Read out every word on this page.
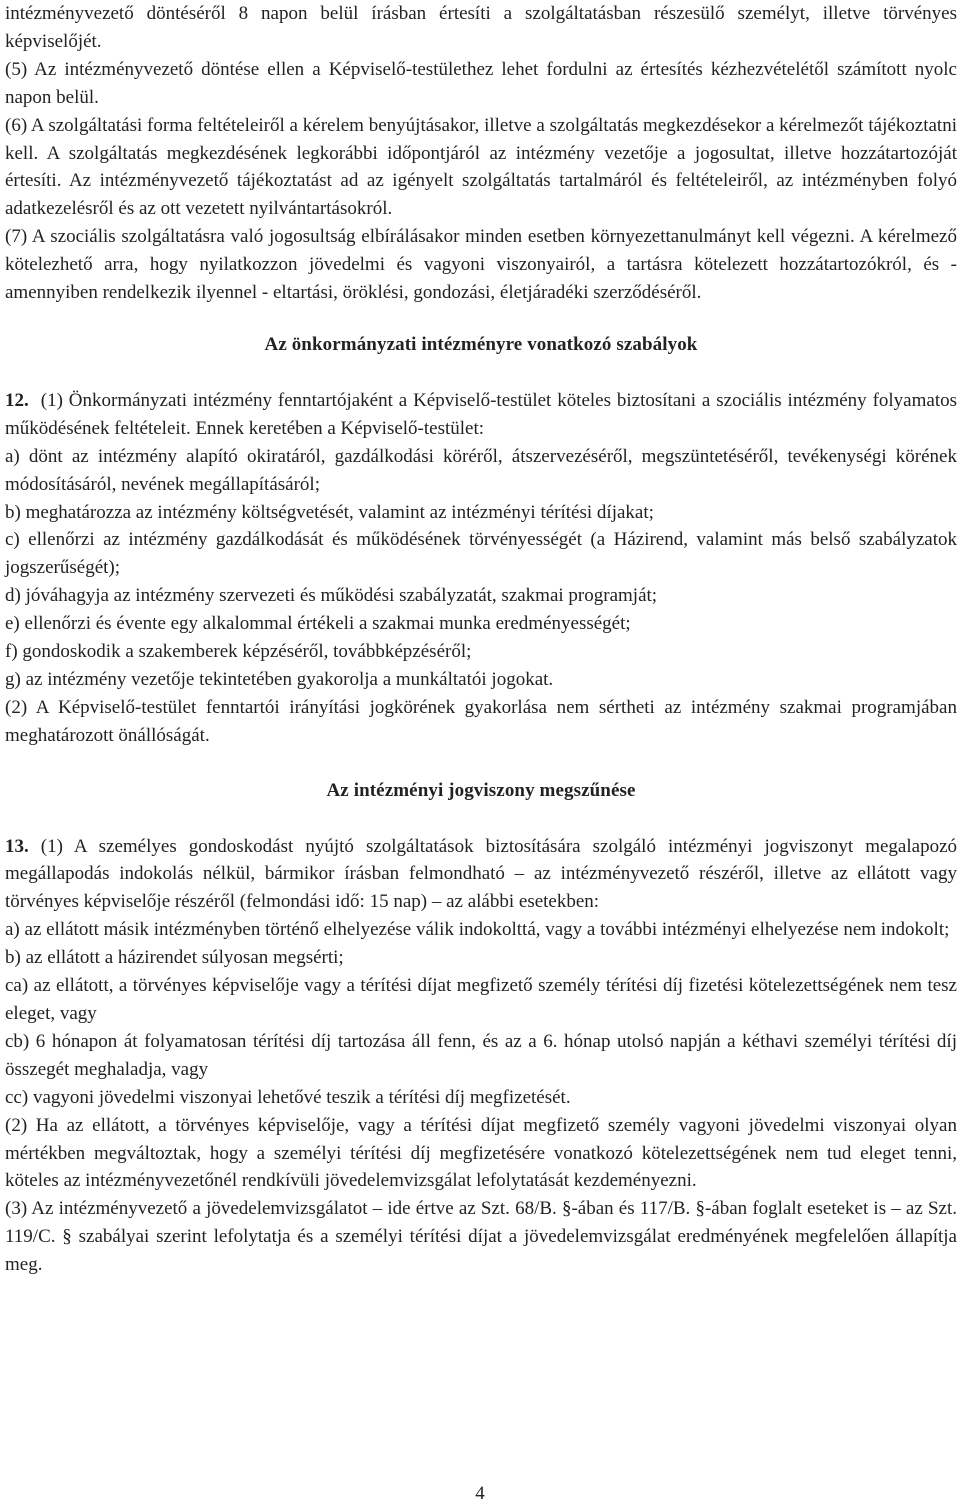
intézményvezető döntéséről 8 napon belül írásban értesíti a szolgáltatásban részesülő személyt, illetve törvényes képviselőjét.

(5) Az intézményvezető döntése ellen a Képviselő-testülethez lehet fordulni az értesítés kézhezvételétől számított nyolc napon belül.

(6) A szolgáltatási forma feltételeiről a kérelem benyújtásakor, illetve a szolgáltatás megkezdésekor a kérelmezőt tájékoztatni kell. A szolgáltatás megkezdésének legkorábbi időpontjáról az intézmény vezetője a jogosultat, illetve hozzátartozóját értesíti. Az intézményvezető tájékoztatást ad az igényelt szolgáltatás tartalmáról és feltételeiről, az intézményben folyó adatkezelésről és az ott vezetett nyilvántartásokról.

(7) A szociális szolgáltatásra való jogosultság elbírálásakor minden esetben környezettanulmányt kell végezni. A kérelmező kötelezhető arra, hogy nyilatkozzon jövedelmi és vagyoni viszonyairól, a tartásra kötelezett hozzátartozókról, és - amennyiben rendelkezik ilyennel - eltartási, öröklési, gondozási, életjáradéki szerződéséről.

Az önkormányzati intézményre vonatkozó szabályok

12. (1) Önkormányzati intézmény fenntartójaként a Képviselő-testület köteles biztosítani a szociális intézmény folyamatos működésének feltételeit. Ennek keretében a Képviselő-testület:

a) dönt az intézmény alapító okiratáról, gazdálkodási köréről, átszervezéséről, megszüntetéséről, tevékenységi körének módosításáról, nevének megállapításáról;

b) meghatározza az intézmény költségvetését, valamint az intézményi térítési díjakat;

c) ellenőrzi az intézmény gazdálkodását és működésének törvényességét (a Házirend, valamint más belső szabályzatok jogszerűségét);

d) jóváhagyja az intézmény szervezeti és működési szabályzatát, szakmai programját;

e) ellenőrzi és évente egy alkalommal értékeli a szakmai munka eredményességét;

f) gondoskodik a szakemberek képzéséről, továbbképzéséről;

g) az intézmény vezetője tekintetében gyakorolja a munkáltatói jogokat.

(2) A Képviselő-testület fenntartói irányítási jogkörének gyakorlása nem sértheti az intézmény szakmai programjában meghatározott önállóságát.

Az intézményi jogviszony megszűnése

13. (1) A személyes gondoskodást nyújtó szolgáltatások biztosítására szolgáló intézményi jogviszonyt megalapozó megállapodás indokolás nélkül, bármikor írásban felmondható – az intézményvezető részéről, illetve az ellátott vagy törvényes képviselője részéről (felmondási idő: 15 nap) – az alábbi esetekben:

a) az ellátott másik intézményben történő elhelyezése válik indokolttá, vagy a további intézményi elhelyezése nem indokolt;

b) az ellátott a házirendet súlyosan megsérti;

ca) az ellátott, a törvényes képviselője vagy a térítési díjat megfizető személy térítési díj fizetési kötelezettségének nem tesz eleget, vagy

cb) 6 hónapon át folyamatosan térítési díj tartozása áll fenn, és az a 6. hónap utolsó napján a kéthavi személyi térítési díj összegét meghaladja, vagy

cc) vagyoni jövedelmi viszonyai lehetővé teszik a térítési díj megfizetését.

(2) Ha az ellátott, a törvényes képviselője, vagy a térítési díjat megfizető személy vagyoni jövedelmi viszonyai olyan mértékben megváltoztak, hogy a személyi térítési díj megfizetésére vonatkozó kötelezettségének nem tud eleget tenni, köteles az intézményvezetőnél rendkívüli jövedelemvizsgálat lefolytatását kezdeményezni.

(3) Az intézményvezető a jövedelemvizsgálatot – ide értve az Szt. 68/B. §-ában és 117/B. §-ában foglalt eseteket is – az Szt. 119/C. § szabályai szerint lefolytatja és a személyi térítési díjat a jövedelemvizsgálat eredményének megfelelően állapítja meg.

4
